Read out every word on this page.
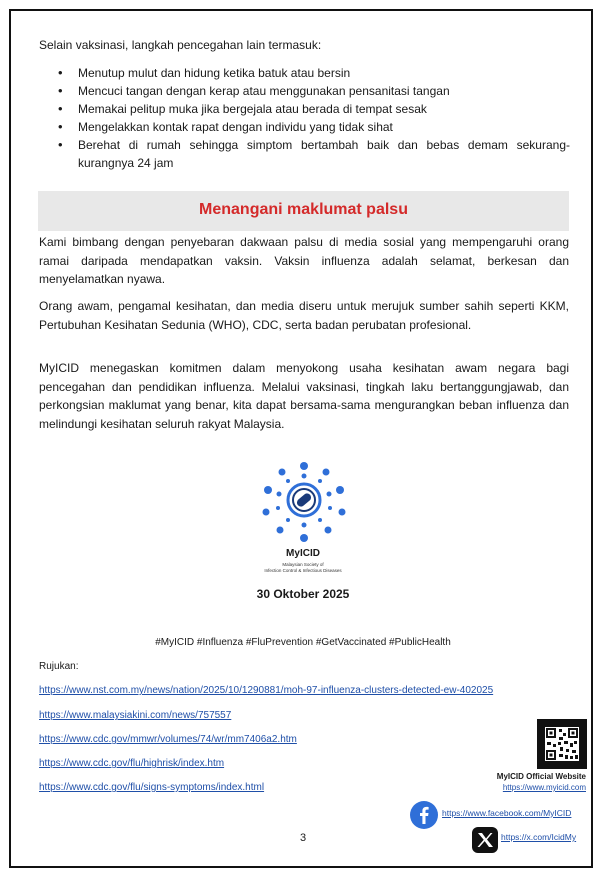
Selain vaksinasi, langkah pencegahan lain termasuk:
• Menutup mulut dan hidung ketika batuk atau bersin
• Mencuci tangan dengan kerap atau menggunakan pensanitasi tangan
• Memakai pelitup muka jika bergejala atau berada di tempat sesak
• Mengelakkan kontak rapat dengan individu yang tidak sihat
• Berehat di rumah sehingga simptom bertambah baik dan bebas demam sekurang-kurangnya 24 jam
Menangani maklumat palsu

Kami bimbang dengan penyebaran dakwaan palsu di media sosial yang mempengaruhi orang ramai daripada mendapatkan vaksin. Vaksin influenza adalah selamat, berkesan dan menyelamatkan nyawa.

Orang awam, pengamal kesihatan, dan media diseru untuk merujuk sumber sahih seperti KKM, Pertubuhan Kesihatan Sedunia (WHO), CDC, serta badan perubatan profesional.

MyICID menegaskan komitmen dalam menyokong usaha kesihatan awam negara bagi pencegahan dan pendidikan influenza. Melalui vaksinasi, tingkah laku bertanggungjawab, dan perkongsian maklumat yang benar, kita dapat bersama-sama mengurangkan beban influenza dan melindungi kesihatan seluruh rakyat Malaysia.

MyICID
Malaysian Society of
Infection Control & Infectious Diseases
30 Oktober 2025
#MyICID #Influenza #FluPrevention #GetVaccinated #PublicHealth
Rujukan:
https://www.nst.com.my/news/nation/2025/10/1290881/moh-97-influenza-clusters-detected-ew-402025
https://www.malaysiakini.com/news/757557
https://www.cdc.gov/mmwr/volumes/74/wr/mm7406a2.htm
https://www.cdc.gov/flu/highrisk/index.htm
https://www.cdc.gov/flu/signs-symptoms/index.html
MyICID Official Website
https://www.myicid.com
https://www.facebook.com/MyICID
https://x.com/IcidMy
3
